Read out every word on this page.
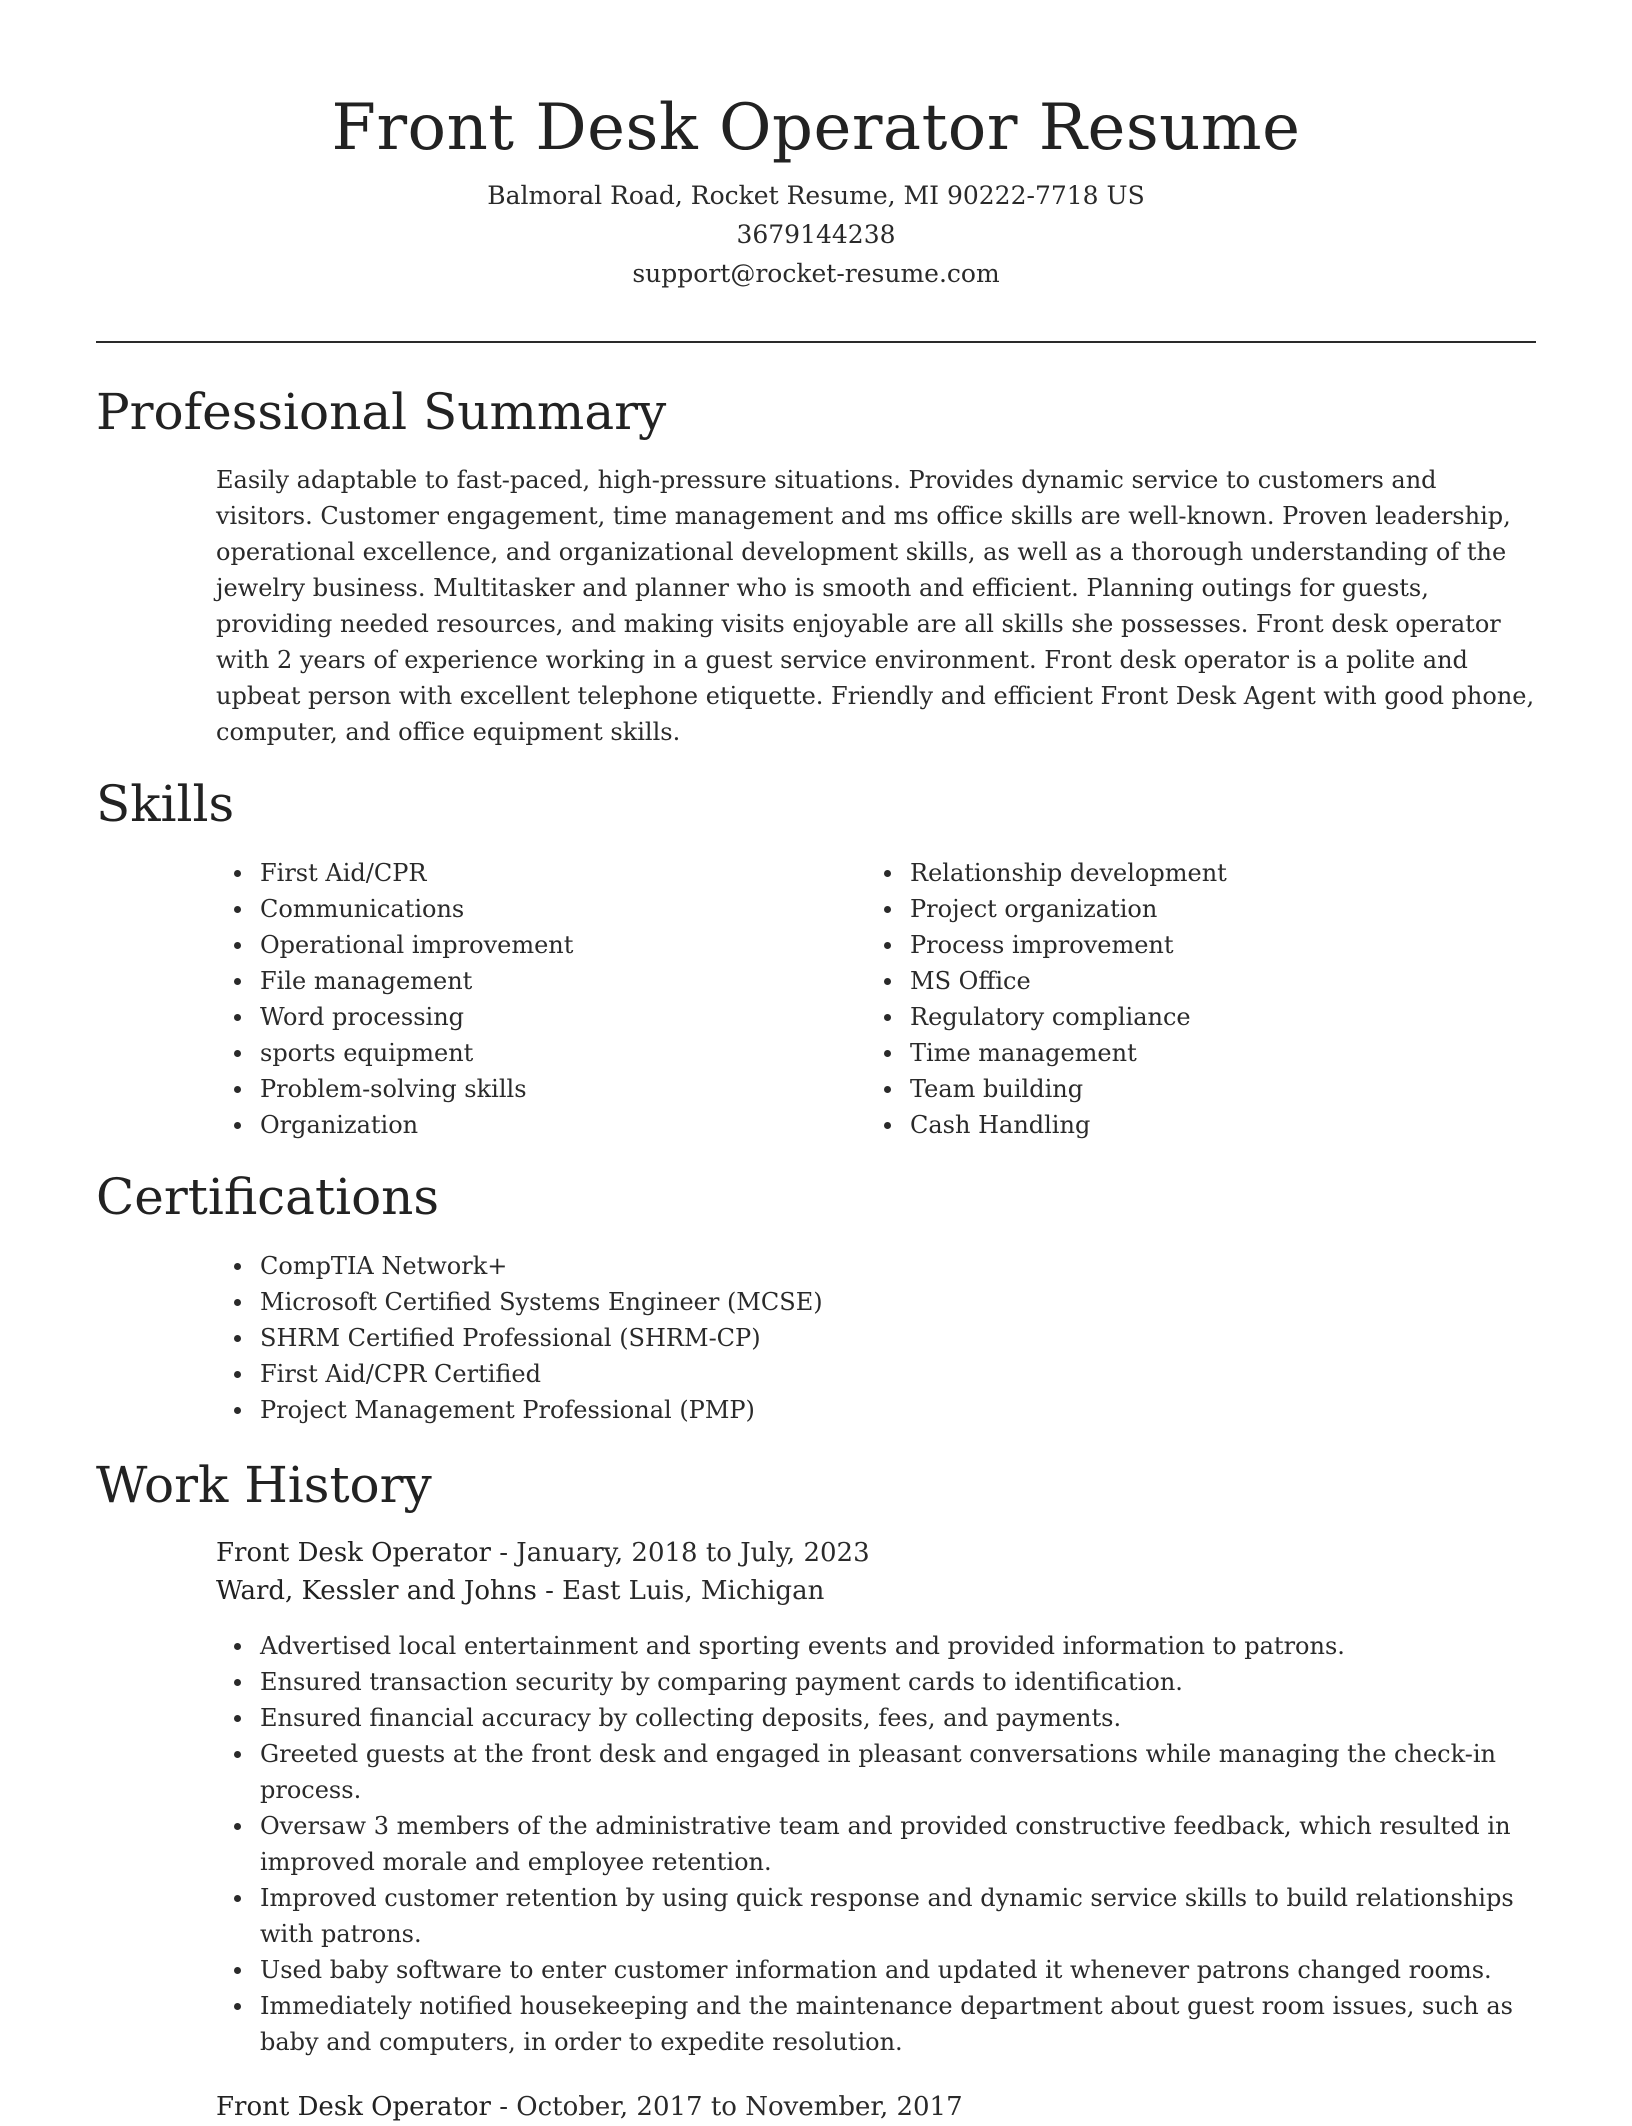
Front Desk Operator Resume
Balmoral Road, Rocket Resume, MI 90222-7718 US
3679144238
support@rocket-resume.com
Professional Summary

Easily adaptable to fast-paced, high-pressure situations. Provides dynamic service to customers and visitors. Customer engagement, time management and ms office skills are well-known. Proven leadership, operational excellence, and organizational development skills, as well as a thorough understanding of the jewelry business. Multitasker and planner who is smooth and efficient. Planning outings for guests, providing needed resources, and making visits enjoyable are all skills she possesses. Front desk operator with 2 years of experience working in a guest service environment. Front desk operator is a polite and upbeat person with excellent telephone etiquette. Friendly and efficient Front Desk Agent with good phone, computer, and office equipment skills.

Skills
First Aid/CPR
Communications
Operational improvement
File management
Word processing
sports equipment
Problem-solving skills
Organization
Relationship development
Project organization
Process improvement
MS Office
Regulatory compliance
Time management
Team building
Cash Handling
Certifications
CompTIA Network+
Microsoft Certified Systems Engineer (MCSE)
SHRM Certified Professional (SHRM-CP)
First Aid/CPR Certified
Project Management Professional (PMP)
Work History
Front Desk Operator - January, 2018 to July, 2023
Ward, Kessler and Johns - East Luis, Michigan
Advertised local entertainment and sporting events and provided information to patrons.
Ensured transaction security by comparing payment cards to identification.
Ensured financial accuracy by collecting deposits, fees, and payments.
Greeted guests at the front desk and engaged in pleasant conversations while managing the check-in process.
Oversaw 3 members of the administrative team and provided constructive feedback, which resulted in improved morale and employee retention.
Improved customer retention by using quick response and dynamic service skills to build relationships with patrons.
Used baby software to enter customer information and updated it whenever patrons changed rooms.
Immediately notified housekeeping and the maintenance department about guest room issues, such as baby and computers, in order to expedite resolution.
Front Desk Operator - October, 2017 to November, 2017
